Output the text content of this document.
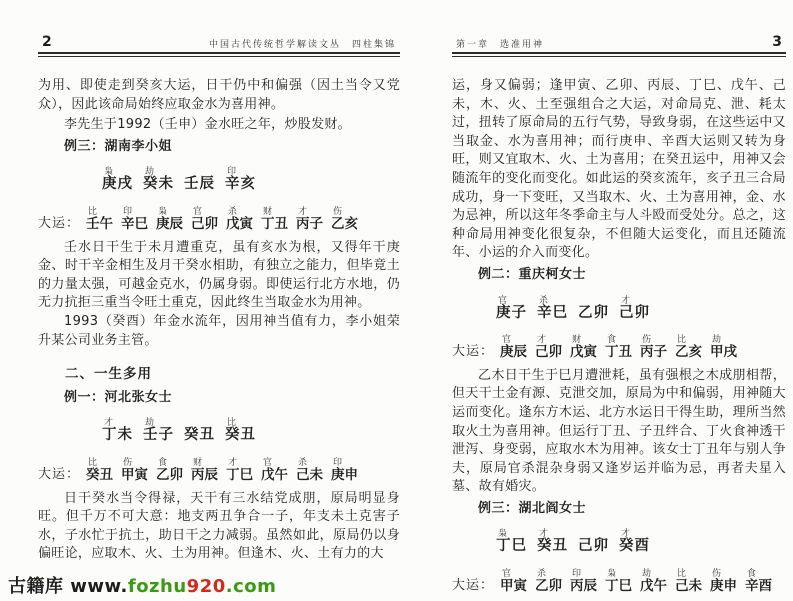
2	中国古代传统哲学解读文丛　四柱集锦

为用、即使走到癸亥大运，日干仍中和偏强（因土当令又党众），因此该命局始终应取金水为喜用神。

李先生于1992（壬申）金水旺之年，炒股发财。

例三：湖南李小姐

枭
庚戌
劫
癸未 壬辰
印
辛亥
大运：
比
壬午
印
辛巳
枭
庚辰
官
己卯
杀
戊寅
财
丁丑
才
丙子
伤
乙亥

壬水日干生于未月遭重克，虽有亥水为根，又得年干庚金、时干辛金相生及月干癸水相助，有独立之能力，但毕竟土的力量太强，可越金克水，仍属身弱。即使运行北方水地，仍无力抗拒三重当令旺土重克，因此终生当取金水为用神。

1993（癸酉）年金水流年，因用神当值有力，李小姐荣升某公司业务主管。

二、一生多用

例一：河北张女士

才
丁未
劫
壬子 癸丑
比
癸丑
大运：
比
癸丑
伤
甲寅
食
乙卯
财
丙辰
才
丁巳
官
戊午
杀
己未
印
庚申

日干癸水当令得禄，天干有三水结党成朋，原局明显身旺。但千万不可大意：地支两丑争合一子，年支未土克害子水，子水忙于抗土，助日干之力减弱。虽然如此，原局仍以身偏旺论，应取木、火、土为用神。但逢木、火、土有力的大

第一章　选准用神	3

运，身又偏弱；逢甲寅、乙卯、丙辰、丁巳、戊午、己未，木、火、土至强组合之大运，对命局克、泄、耗太过，扭转了原命局的五行气势，导致身弱，在这些运中又当取金、水为喜用神；而行庚申、辛酉大运则又转为身旺，则又宜取木、火、土为喜用；在癸丑运中，用神又会随流年的变化而变化。如此运的癸亥流年，亥子丑三合局成功，身一下变旺，又当取木、火、土为喜用神，金、水为忌神，所以这年冬季命主与人斗殴而受处分。总之，这种命局用神变化很复杂，不但随大运变化，而且还随流年、小运的介入而变化。

例二：重庆柯女士

官
庚子
杀
辛巳 乙卯
才
己卯
大运：
官
庚辰
才
己卯
财
戊寅
食
丁丑
伤
丙子
比
乙亥
劫
甲戌

乙木日干生于巳月遭泄耗，虽有强根之木成朋相帮，但天干土金有源、克泄交加，原局为中和偏弱，用神随大运而变化。逢东方木运、北方水运日干得生助，理所当然取火土为喜用神。但运行丁丑、子丑绊合、丁火食神透干泄泻、身变弱，应取水木为用神。该女士丁丑年与别人争夫，原局官杀混杂身弱又逢岁运并临为忌，再者夫星入墓、故有婚灾。

例三：湖北阎女士

枭
丁巳
才
癸丑 己卯
才
癸酉
大运：
官
甲寅
杀
乙卯
印
丙辰
枭
丁巳
劫
戊午
比
己未
伤
庚申
食
辛酉
古籍库 www.fozhu920.com
